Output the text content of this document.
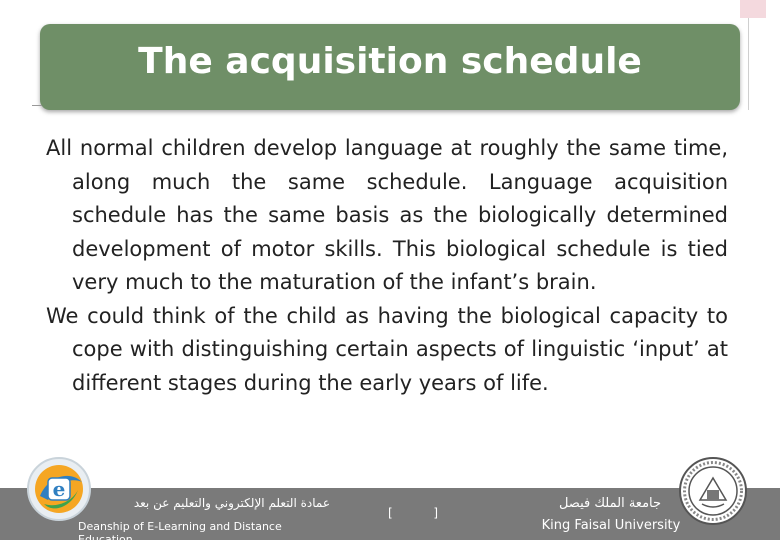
The acquisition schedule

All normal children develop language at roughly the same time, along much the same schedule. Language acquisition schedule has the same basis as the biologically determined development of motor skills. This biological schedule is tied very much to the maturation of the infant’s brain.

We could think of the child as having the biological capacity to cope with distinguishing certain aspects of linguistic ‘input’ at different stages during the early years of life.

e
عمادة التعلم الإلكتروني والتعليم عن بعد
Deanship of E-Learning and Distance Education
[	]
جامعة الملك فيصل
King Faisal University
